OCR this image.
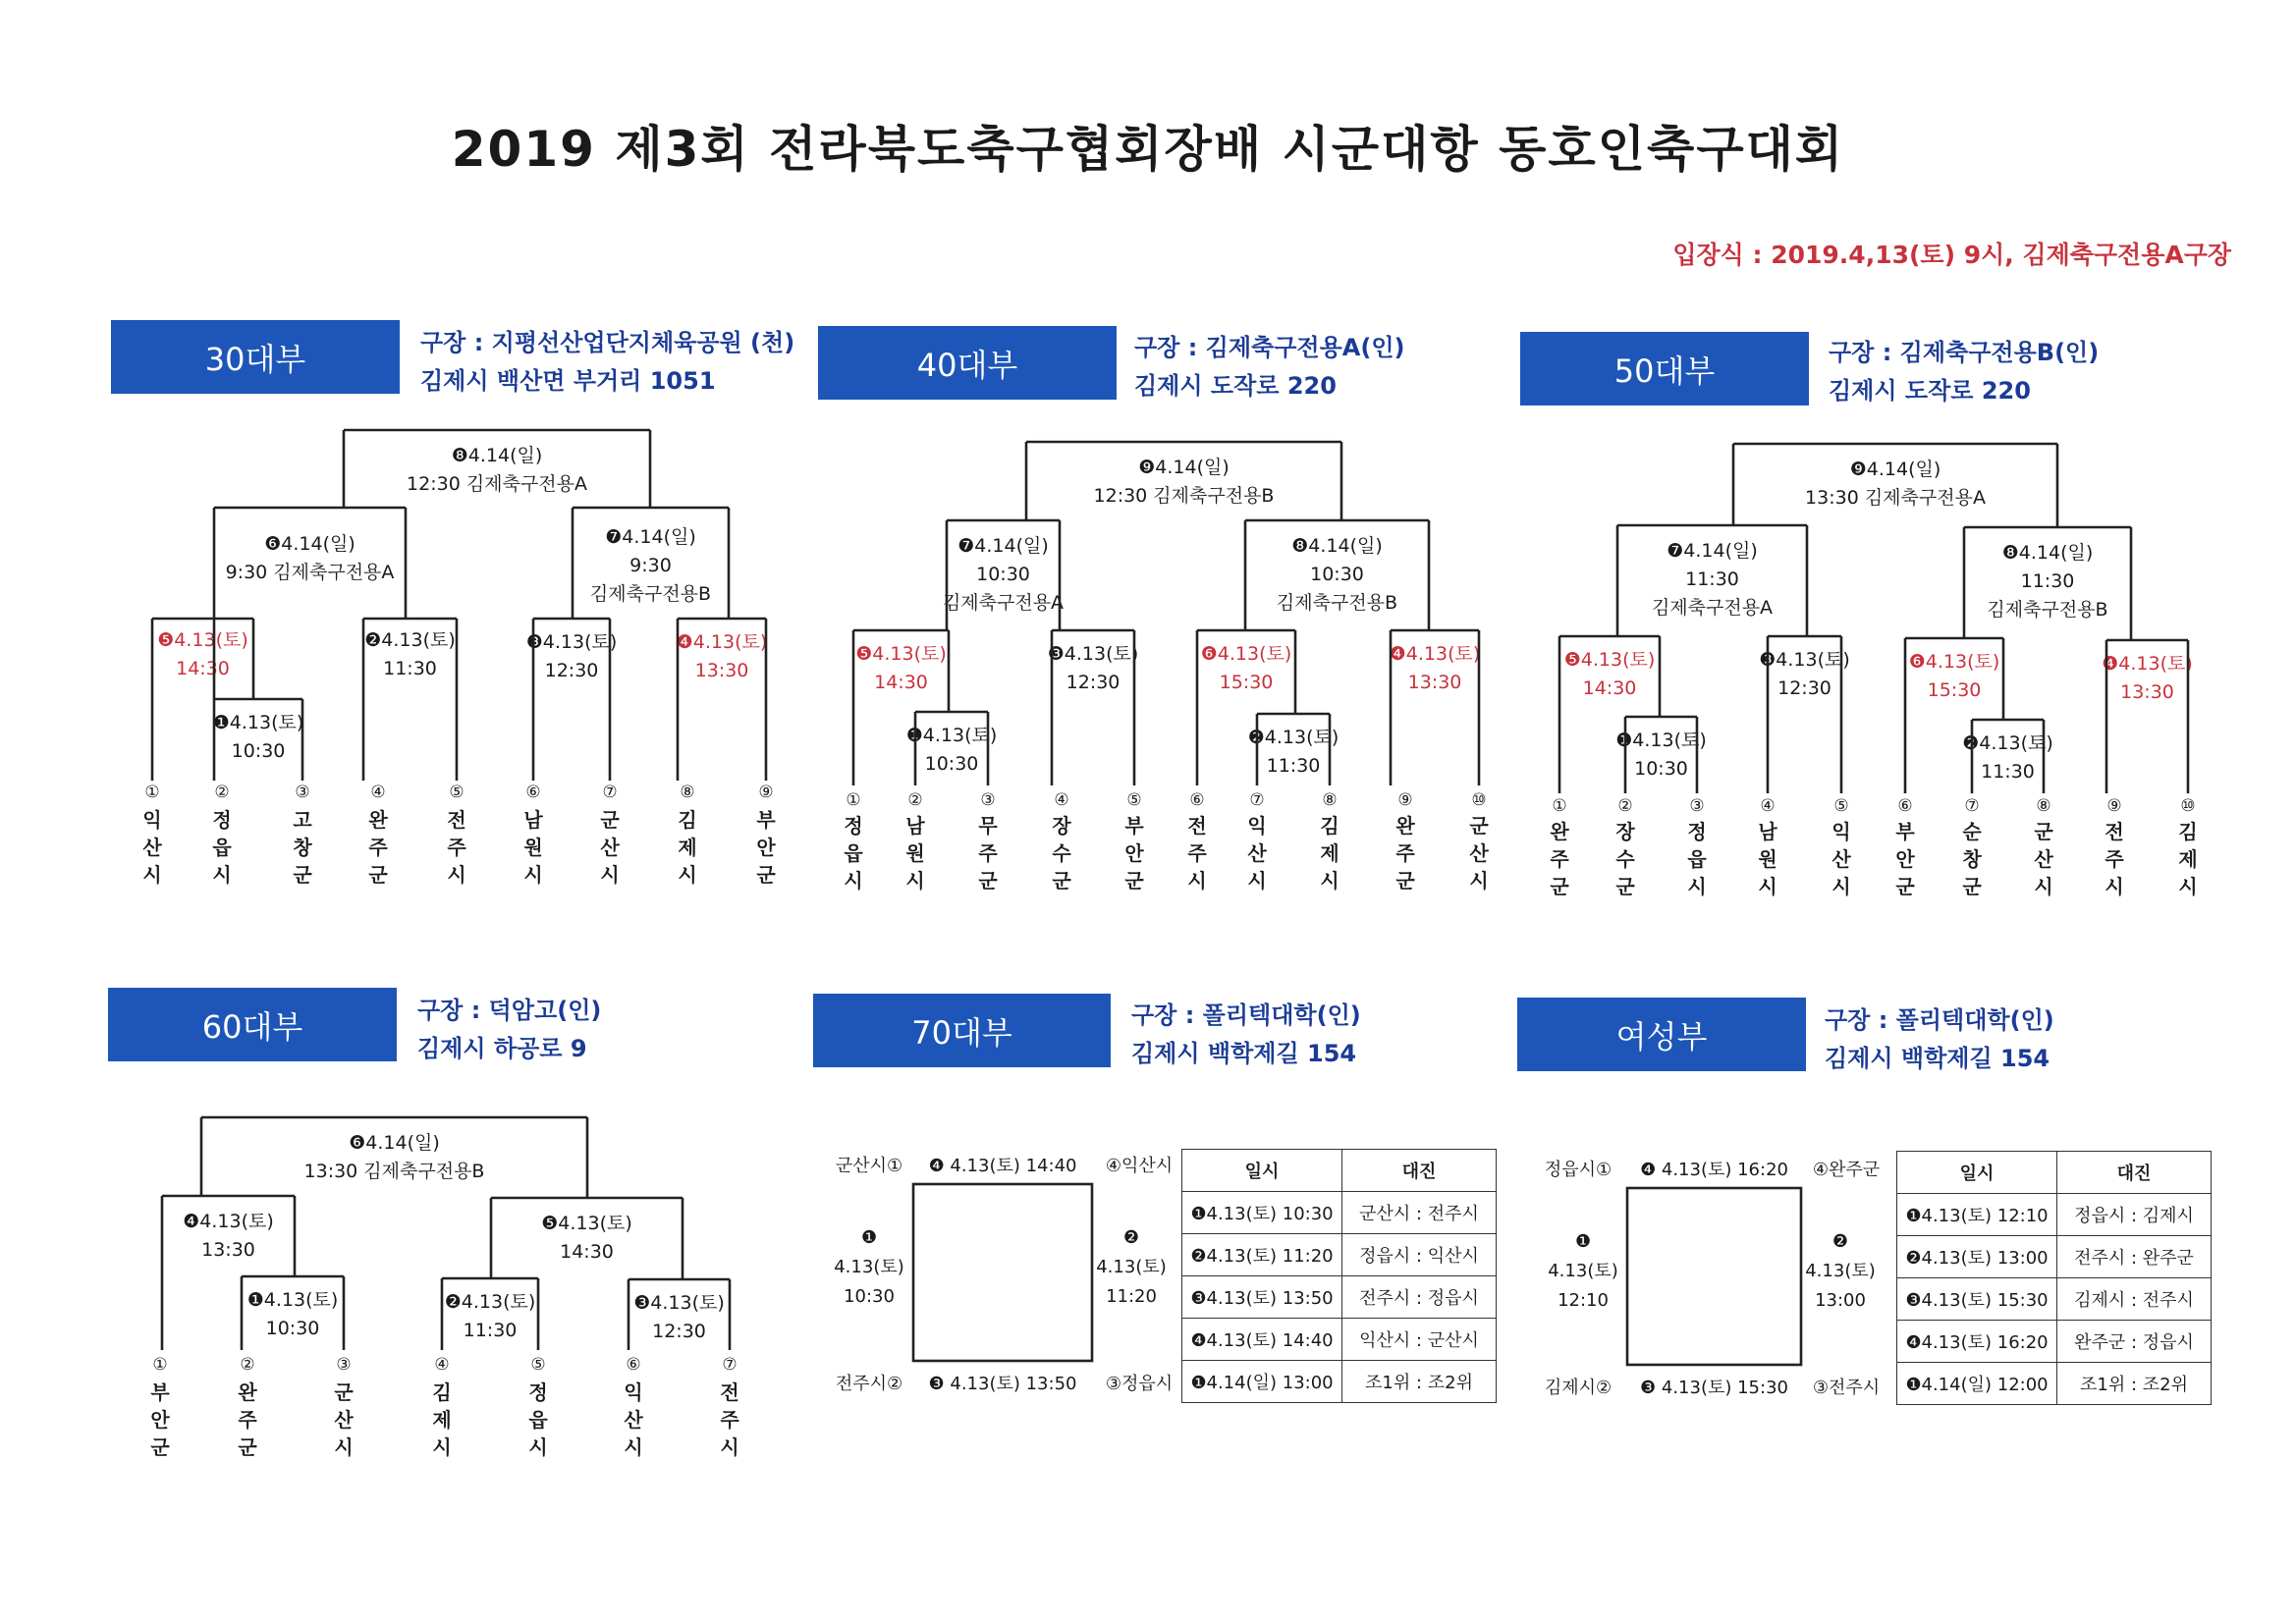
2019 제3회 전라북도축구협회장배 시군대항 동호인축구대회
입장식 : 2019.4,13(토) 9시, 김제축구전용A구장
30대부	구장 : 지평선산업단지체육공원 (천)
김제시 백산면 부거리 1051	40대부	구장 : 김제축구전용A(인)
김제시 도작로 220	50대부	구장 : 김제축구전용B(인)
김제시 도작로 220
60대부	구장 : 덕암고(인)
김제시 하공로 9	70대부	구장 : 폴리텍대학(인)
김제시 백학제길 154	여성부	구장 : 폴리텍대학(인)
김제시 백학제길 154
❽4.14(일)
12:30 김제축구전용A
❻4.14(일)
9:30 김제축구전용A
❼4.14(일)
9:30
김제축구전용B
❺4.13(토)
14:30
❷4.13(토)
11:30
❸4.13(토)
12:30
❹4.13(토)
13:30
❶4.13(토)
10:30
①
익
산
시
②
정
읍
시
③
고
창
군
④
완
주
군
⑤
전
주
시
⑥
남
원
시
⑦
군
산
시
⑧
김
제
시
⑨
부
안
군
❾4.14(일)
12:30 김제축구전용B
❼4.14(일)
10:30
김제축구전용A
❽4.14(일)
10:30
김제축구전용B
❺4.13(토)
14:30
❸4.13(토)
12:30
❻4.13(토)
15:30
❹4.13(토)
13:30
❶4.13(토)
10:30
❷4.13(토)
11:30
①
정
읍
시
②
남
원
시
③
무
주
군
④
장
수
군
⑤
부
안
군
⑥
전
주
시
⑦
익
산
시
⑧
김
제
시
⑨
완
주
군
⑩
군
산
시
❾4.14(일)
13:30 김제축구전용A
❼4.14(일)
11:30
김제축구전용A
❽4.14(일)
11:30
김제축구전용B
❺4.13(토)
14:30
❸4.13(토)
12:30
❻4.13(토)
15:30
❹4.13(토)
13:30
❶4.13(토)
10:30
❷4.13(토)
11:30
①
완
주
군
②
장
수
군
③
정
읍
시
④
남
원
시
⑤
익
산
시
⑥
부
안
군
⑦
순
창
군
⑧
군
산
시
⑨
전
주
시
⑩
김
제
시
❻4.14(일)
13:30 김제축구전용B
❹4.13(토)
13:30
❺4.13(토)
14:30
❶4.13(토)
10:30
❷4.13(토)
11:30
❸4.13(토)
12:30
①
부
안
군
②
완
주
군
③
군
산
시
④
김
제
시
⑤
정
읍
시
⑥
익
산
시
⑦
전
주
시
군산시①	④익산시
전주시②	③정읍시
❹ 4.13(토) 14:40
❸ 4.13(토) 13:50
❶
4.13(토)
10:30
❷
4.13(토)
11:20
정읍시①	④완주군
김제시②	③전주시
❹ 4.13(토) 16:20
❸ 4.13(토) 15:30
❶
4.13(토)
12:10
❷
4.13(토)
13:00
일시	대진
❶4.13(토) 10:30	군산시 : 전주시
❷4.13(토) 11:20	정읍시 : 익산시
❸4.13(토) 13:50	전주시 : 정읍시
❹4.13(토) 14:40	익산시 : 군산시
❶4.14(일) 13:00	조1위 : 조2위
일시	대진
❶4.13(토) 12:10	정읍시 : 김제시
❷4.13(토) 13:00	전주시 : 완주군
❸4.13(토) 15:30	김제시 : 전주시
❹4.13(토) 16:20	완주군 : 정읍시
❶4.14(일) 12:00	조1위 : 조2위
